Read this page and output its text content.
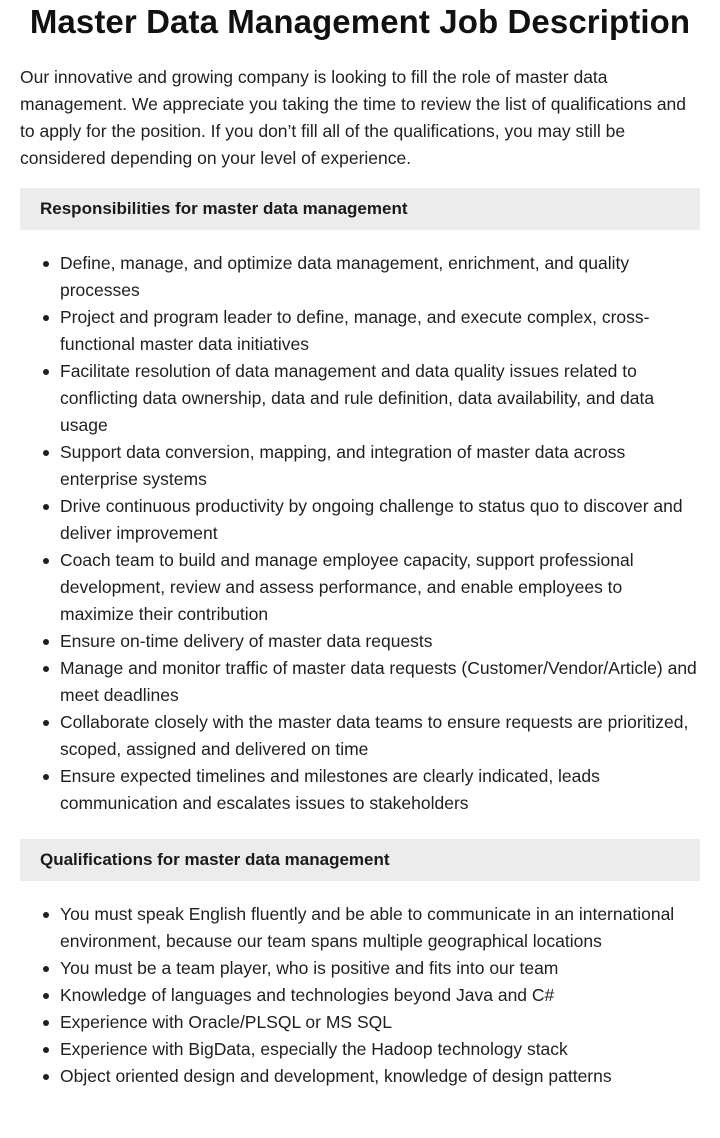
Master Data Management Job Description

Our innovative and growing company is looking to fill the role of master data management. We appreciate you taking the time to review the list of qualifications and to apply for the position. If you don’t fill all of the qualifications, you may still be considered depending on your level of experience.

Responsibilities for master data management
Define, manage, and optimize data management, enrichment, and quality processes
Project and program leader to define, manage, and execute complex, cross-functional master data initiatives
Facilitate resolution of data management and data quality issues related to conflicting data ownership, data and rule definition, data availability, and data usage
Support data conversion, mapping, and integration of master data across enterprise systems
Drive continuous productivity by ongoing challenge to status quo to discover and deliver improvement
Coach team to build and manage employee capacity, support professional development, review and assess performance, and enable employees to maximize their contribution
Ensure on-time delivery of master data requests
Manage and monitor traffic of master data requests (Customer/Vendor/Article) and meet deadlines
Collaborate closely with the master data teams to ensure requests are prioritized, scoped, assigned and delivered on time
Ensure expected timelines and milestones are clearly indicated, leads communication and escalates issues to stakeholders
Qualifications for master data management
You must speak English fluently and be able to communicate in an international environment, because our team spans multiple geographical locations
You must be a team player, who is positive and fits into our team
Knowledge of languages and technologies beyond Java and C#
Experience with Oracle/PLSQL or MS SQL
Experience with BigData, especially the Hadoop technology stack
Object oriented design and development, knowledge of design patterns
